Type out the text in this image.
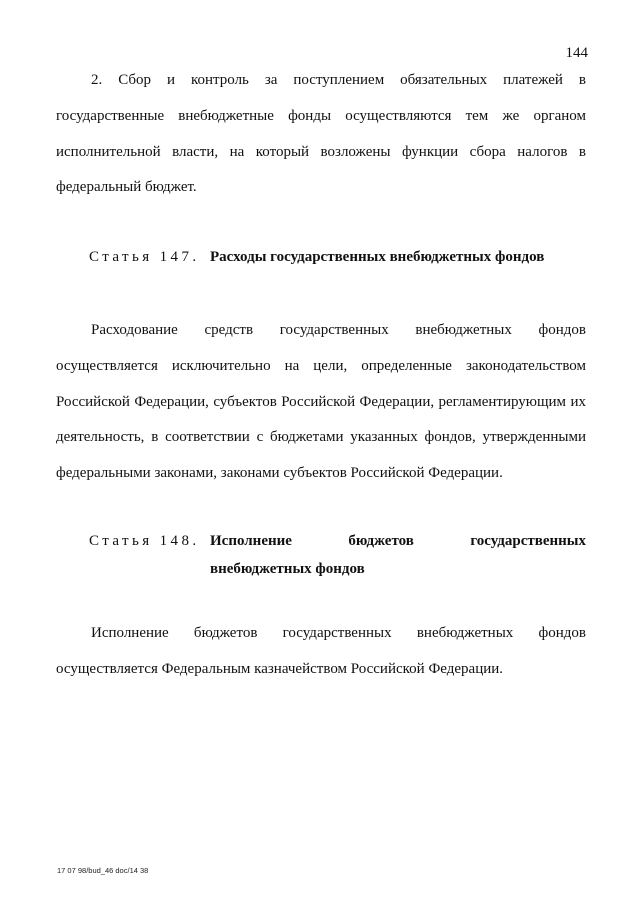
144

2. Сбор и контроль за поступлением обязательных платежей в государственные внебюджетные фонды осуществляются тем же органом исполнительной власти, на который возложены функции сбора налогов в федеральный бюджет.

Статья 147. Расходы государственных внебюджетных фондов

Расходование средств государственных внебюджетных фондов осуществляется исключительно на цели, определенные законодательством Российской Федерации, субъектов Российской Федерации, регламентирующим их деятельность, в соответствии с бюджетами указанных фондов, утвержденными федеральными законами, законами субъектов Российской Федерации.

Статья 148. Исполнение бюджетов государственных
внебюджетных фондов

Исполнение бюджетов государственных внебюджетных фондов осуществляется Федеральным казначейством Российской Федерации.

17 07 98/bud_46 doc/14 38
